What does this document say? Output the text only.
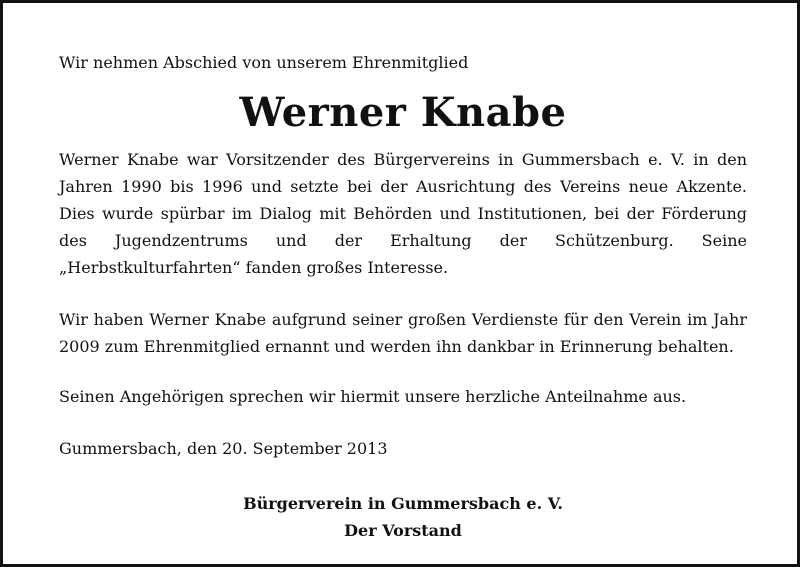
Wir nehmen Abschied von unserem Ehrenmitglied

Werner Knabe

Werner Knabe war Vorsitzender des Bürgervereins in Gummersbach e. V. in den Jahren 1990 bis 1996 und setzte bei der Ausrichtung des Vereins neue Akzente. Dies wurde spürbar im Dialog mit Behörden und Institutionen, bei der Förderung des Jugendzentrums und der Erhaltung der Schützenburg. Seine „Herbstkulturfahrten“ fanden großes Interesse.

Wir haben Werner Knabe aufgrund seiner großen Verdienste für den Verein im Jahr 2009 zum Ehrenmitglied ernannt und werden ihn dankbar in Erinnerung behalten.

Seinen Angehörigen sprechen wir hiermit unsere herzliche Anteilnahme aus.

Gummersbach, den 20. September 2013

Bürgerverein in Gummersbach e. V.
Der Vorstand
